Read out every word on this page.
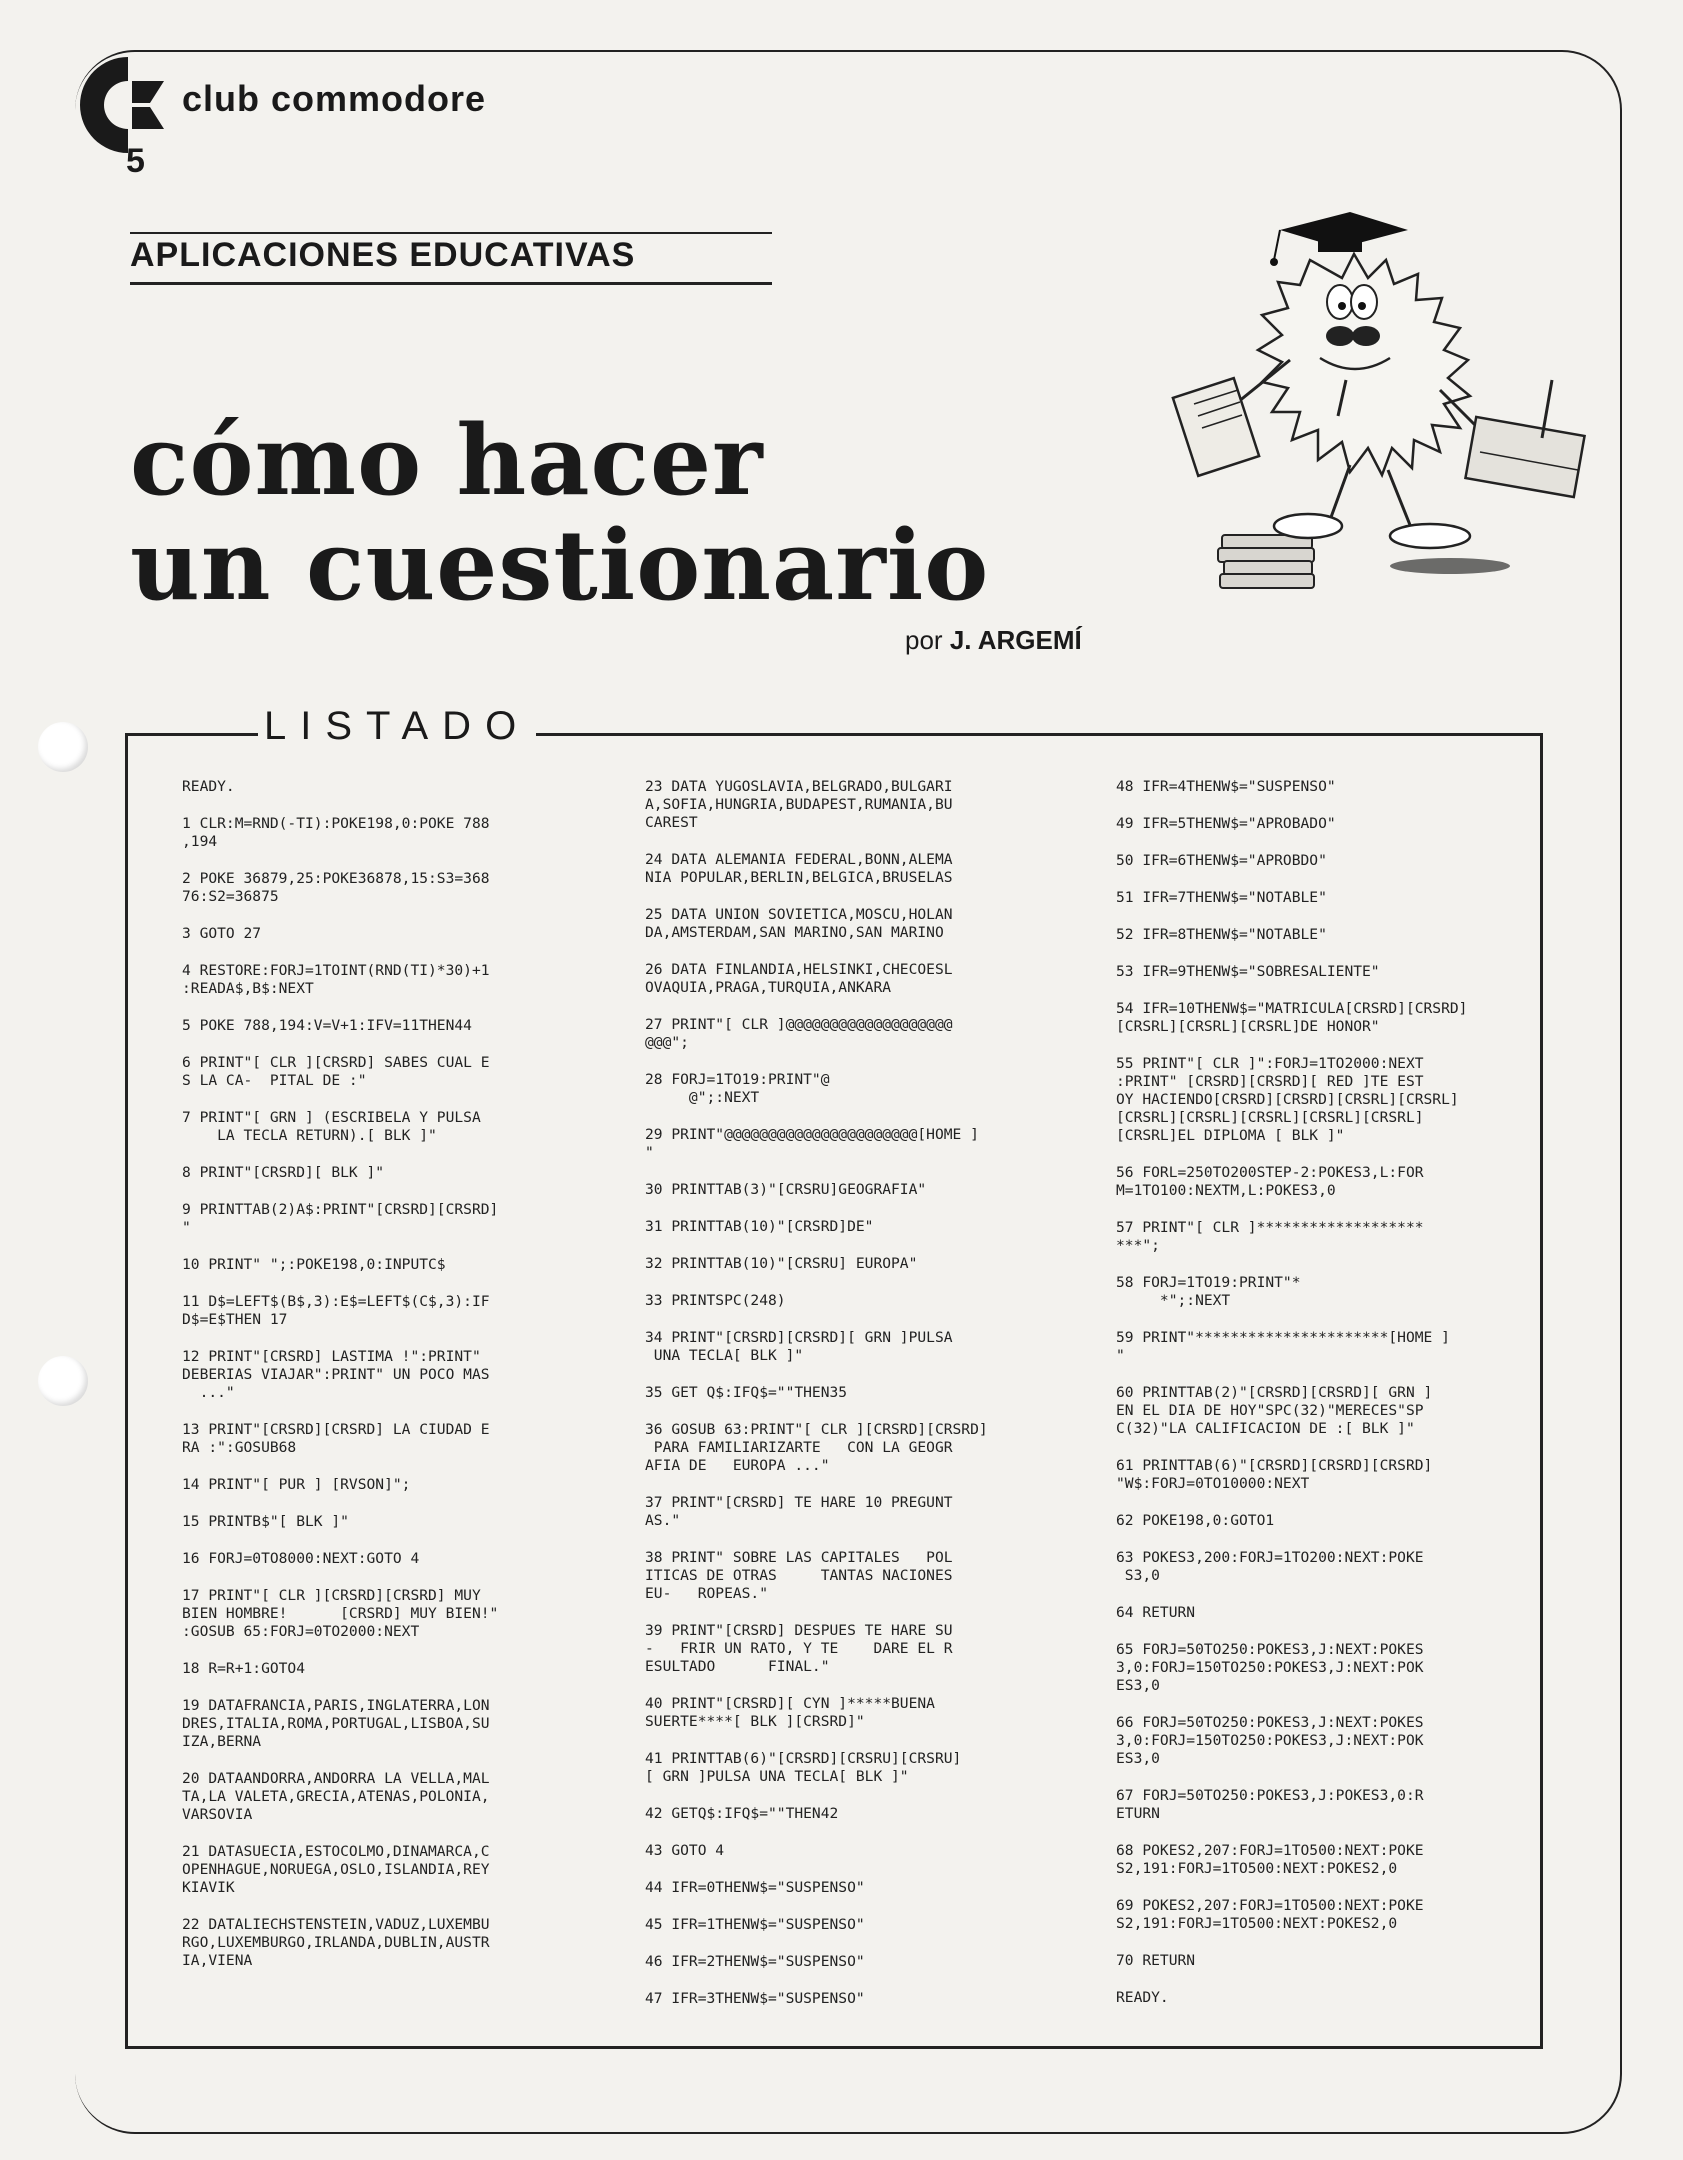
club commodore
5
APLICACIONES EDUCATIVAS
cómo hacer
un cuestionario
por J. ARGEMÍ
LISTADO
READY.
1 CLR:M=RND(-TI):POKE198,0:POKE 788
,194
2 POKE 36879,25:POKE36878,15:S3=368
76:S2=36875
3 GOTO 27
4 RESTORE:FORJ=1TOINT(RND(TI)*30)+1
:READA$,B$:NEXT
5 POKE 788,194:V=V+1:IFV=11THEN44
6 PRINT"[ CLR ][CRSRD] SABES CUAL E
S LA CA-  PITAL DE :"
7 PRINT"[ GRN ] (ESCRIBELA Y PULSA
LA TECLA RETURN).[ BLK ]"
8 PRINT"[CRSRD][ BLK ]"
9 PRINTTAB(2)A$:PRINT"[CRSRD][CRSRD]
"
10 PRINT" ";:POKE198,0:INPUTC$
11 D$=LEFT$(B$,3):E$=LEFT$(C$,3):IF
D$=E$THEN 17
12 PRINT"[CRSRD] LASTIMA !":PRINT"
DEBERIAS VIAJAR":PRINT" UN POCO MAS
..."
13 PRINT"[CRSRD][CRSRD] LA CIUDAD E
RA :":GOSUB68
14 PRINT"[ PUR ] [RVSON]";
15 PRINTB$"[ BLK ]"
16 FORJ=0TO8000:NEXT:GOTO 4
17 PRINT"[ CLR ][CRSRD][CRSRD] MUY
BIEN HOMBRE!      [CRSRD] MUY BIEN!"
:GOSUB 65:FORJ=0TO2000:NEXT
18 R=R+1:GOTO4
19 DATAFRANCIA,PARIS,INGLATERRA,LON
DRES,ITALIA,ROMA,PORTUGAL,LISBOA,SU
IZA,BERNA
20 DATAANDORRA,ANDORRA LA VELLA,MAL
TA,LA VALETA,GRECIA,ATENAS,POLONIA,
VARSOVIA
21 DATASUECIA,ESTOCOLMO,DINAMARCA,C
OPENHAGUE,NORUEGA,OSLO,ISLANDIA,REY
KIAVIK
22 DATALIECHSTENSTEIN,VADUZ,LUXEMBU
RGO,LUXEMBURGO,IRLANDA,DUBLIN,AUSTR
IA,VIENA
23 DATA YUGOSLAVIA,BELGRADO,BULGARI
A,SOFIA,HUNGRIA,BUDAPEST,RUMANIA,BU
CAREST
24 DATA ALEMANIA FEDERAL,BONN,ALEMA
NIA POPULAR,BERLIN,BELGICA,BRUSELAS
25 DATA UNION SOVIETICA,MOSCU,HOLAN
DA,AMSTERDAM,SAN MARINO,SAN MARINO
26 DATA FINLANDIA,HELSINKI,CHECOESL
OVAQUIA,PRAGA,TURQUIA,ANKARA
27 PRINT"[ CLR ]@@@@@@@@@@@@@@@@@@@
@@@";
28 FORJ=1TO19:PRINT"@
@";:NEXT
29 PRINT"@@@@@@@@@@@@@@@@@@@@@@[HOME ]
"
30 PRINTTAB(3)"[CRSRU]GEOGRAFIA"
31 PRINTTAB(10)"[CRSRD]DE"
32 PRINTTAB(10)"[CRSRU] EUROPA"
33 PRINTSPC(248)
34 PRINT"[CRSRD][CRSRD][ GRN ]PULSA
UNA TECLA[ BLK ]"
35 GET Q$:IFQ$=""THEN35
36 GOSUB 63:PRINT"[ CLR ][CRSRD][CRSRD]
PARA FAMILIARIZARTE   CON LA GEOGR
AFIA DE   EUROPA ..."
37 PRINT"[CRSRD] TE HARE 10 PREGUNT
AS."
38 PRINT" SOBRE LAS CAPITALES   POL
ITICAS DE OTRAS     TANTAS NACIONES
EU-   ROPEAS."
39 PRINT"[CRSRD] DESPUES TE HARE SU
-   FRIR UN RATO, Y TE    DARE EL R
ESULTADO      FINAL."
40 PRINT"[CRSRD][ CYN ]*****BUENA
SUERTE****[ BLK ][CRSRD]"
41 PRINTTAB(6)"[CRSRD][CRSRU][CRSRU]
[ GRN ]PULSA UNA TECLA[ BLK ]"
42 GETQ$:IFQ$=""THEN42
43 GOTO 4
44 IFR=0THENW$="SUSPENSO"
45 IFR=1THENW$="SUSPENSO"
46 IFR=2THENW$="SUSPENSO"
47 IFR=3THENW$="SUSPENSO"
48 IFR=4THENW$="SUSPENSO"
49 IFR=5THENW$="APROBADO"
50 IFR=6THENW$="APROBDO"
51 IFR=7THENW$="NOTABLE"
52 IFR=8THENW$="NOTABLE"
53 IFR=9THENW$="SOBRESALIENTE"
54 IFR=10THENW$="MATRICULA[CRSRD][CRSRD]
[CRSRL][CRSRL][CRSRL]DE HONOR"
55 PRINT"[ CLR ]":FORJ=1TO2000:NEXT
:PRINT" [CRSRD][CRSRD][ RED ]TE EST
OY HACIENDO[CRSRD][CRSRD][CRSRL][CRSRL]
[CRSRL][CRSRL][CRSRL][CRSRL][CRSRL]
[CRSRL]EL DIPLOMA [ BLK ]"
56 FORL=250TO200STEP-2:POKES3,L:FOR
M=1TO100:NEXTM,L:POKES3,0
57 PRINT"[ CLR ]*******************
***";
58 FORJ=1TO19:PRINT"*
*";:NEXT
59 PRINT"**********************[HOME ]
"
60 PRINTTAB(2)"[CRSRD][CRSRD][ GRN ]
EN EL DIA DE HOY"SPC(32)"MERECES"SP
C(32)"LA CALIFICACION DE :[ BLK ]"
61 PRINTTAB(6)"[CRSRD][CRSRD][CRSRD]
"W$:FORJ=0TO10000:NEXT
62 POKE198,0:GOTO1
63 POKES3,200:FORJ=1TO200:NEXT:POKE
S3,0
64 RETURN
65 FORJ=50TO250:POKES3,J:NEXT:POKES
3,0:FORJ=150TO250:POKES3,J:NEXT:POK
ES3,0
66 FORJ=50TO250:POKES3,J:NEXT:POKES
3,0:FORJ=150TO250:POKES3,J:NEXT:POK
ES3,0
67 FORJ=50TO250:POKES3,J:POKES3,0:R
ETURN
68 POKES2,207:FORJ=1TO500:NEXT:POKE
S2,191:FORJ=1TO500:NEXT:POKES2,0
69 POKES2,207:FORJ=1TO500:NEXT:POKE
S2,191:FORJ=1TO500:NEXT:POKES2,0
70 RETURN
READY.
